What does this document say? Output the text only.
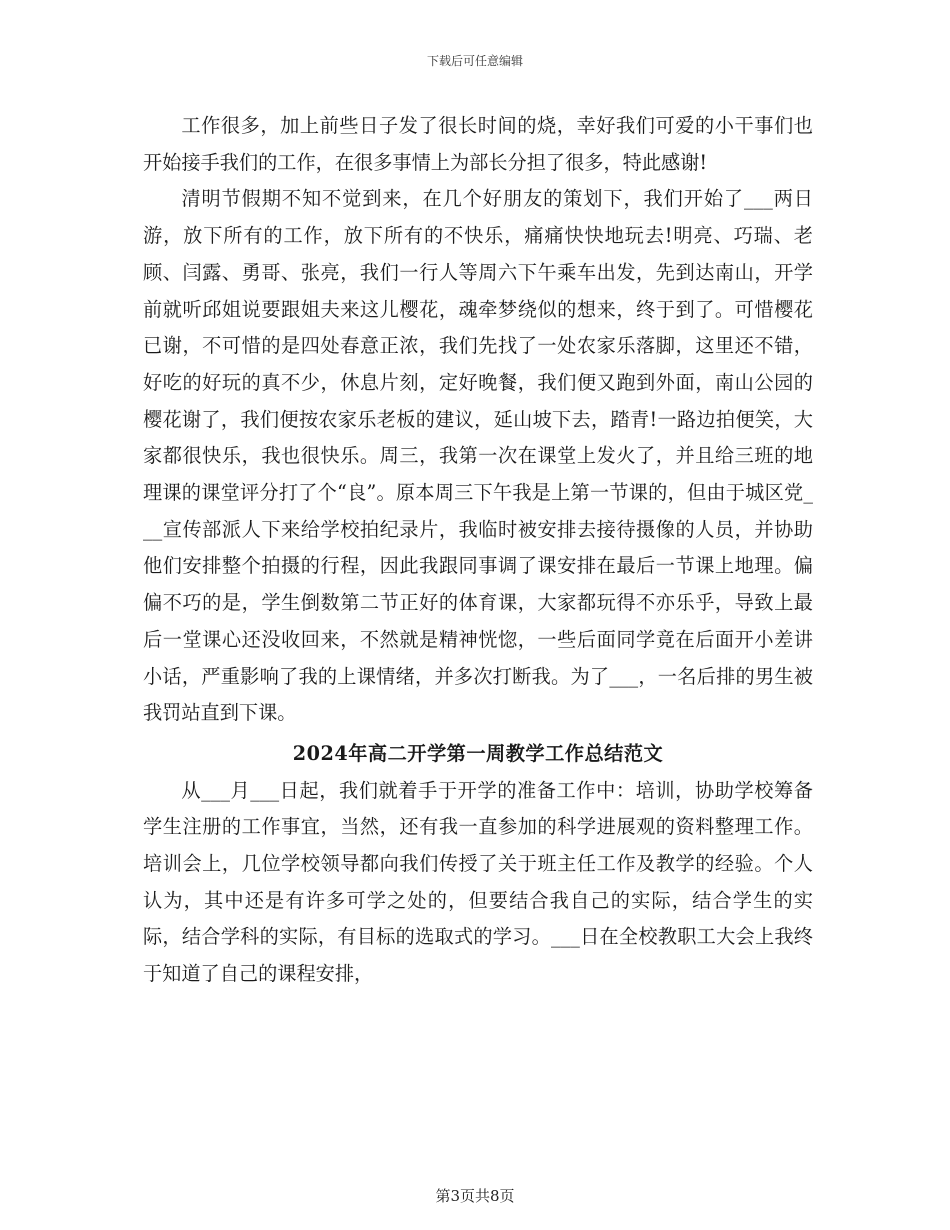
下载后可任意编辑

工作很多，加上前些日子发了很长时间的烧，幸好我们可爱的小干事们也开始接手我们的工作，在很多事情上为部长分担了很多，特此感谢!

清明节假期不知不觉到来，在几个好朋友的策划下，我们开始了___两日游，放下所有的工作，放下所有的不快乐，痛痛快快地玩去!明亮、巧瑞、老顾、闫露、勇哥、张亮，我们一行人等周六下午乘车出发，先到达南山，开学前就听邱姐说要跟姐夫来这儿樱花，魂牵梦绕似的想来，终于到了。可惜樱花已谢，不可惜的是四处春意正浓，我们先找了一处农家乐落脚，这里还不错，好吃的好玩的真不少，休息片刻，定好晚餐，我们便又跑到外面，南山公园的樱花谢了，我们便按农家乐老板的建议，延山坡下去，踏青!一路边拍便笑，大家都很快乐，我也很快乐。周三，我第一次在课堂上发火了，并且给三班的地理课的课堂评分打了个“良”。原本周三下午我是上第一节课的，但由于城区党___宣传部派人下来给学校拍纪录片，我临时被安排去接待摄像的人员，并协助他们安排整个拍摄的行程，因此我跟同事调了课安排在最后一节课上地理。偏偏不巧的是，学生倒数第二节正好的体育课，大家都玩得不亦乐乎，导致上最后一堂课心还没收回来，不然就是精神恍惚，一些后面同学竟在后面开小差讲小话，严重影响了我的上课情绪，并多次打断我。为了___，一名后排的男生被我罚站直到下课。

2024年高二开学第一周教学工作总结范文

从___月___日起，我们就着手于开学的准备工作中：培训，协助学校筹备学生注册的工作事宜，当然，还有我一直参加的科学进展观的资料整理工作。培训会上，几位学校领导都向我们传授了关于班主任工作及教学的经验。个人认为，其中还是有许多可学之处的，但要结合我自己的实际，结合学生的实际，结合学科的实际，有目标的选取式的学习。___日在全校教职工大会上我终于知道了自己的课程安排，

第3页共8页
